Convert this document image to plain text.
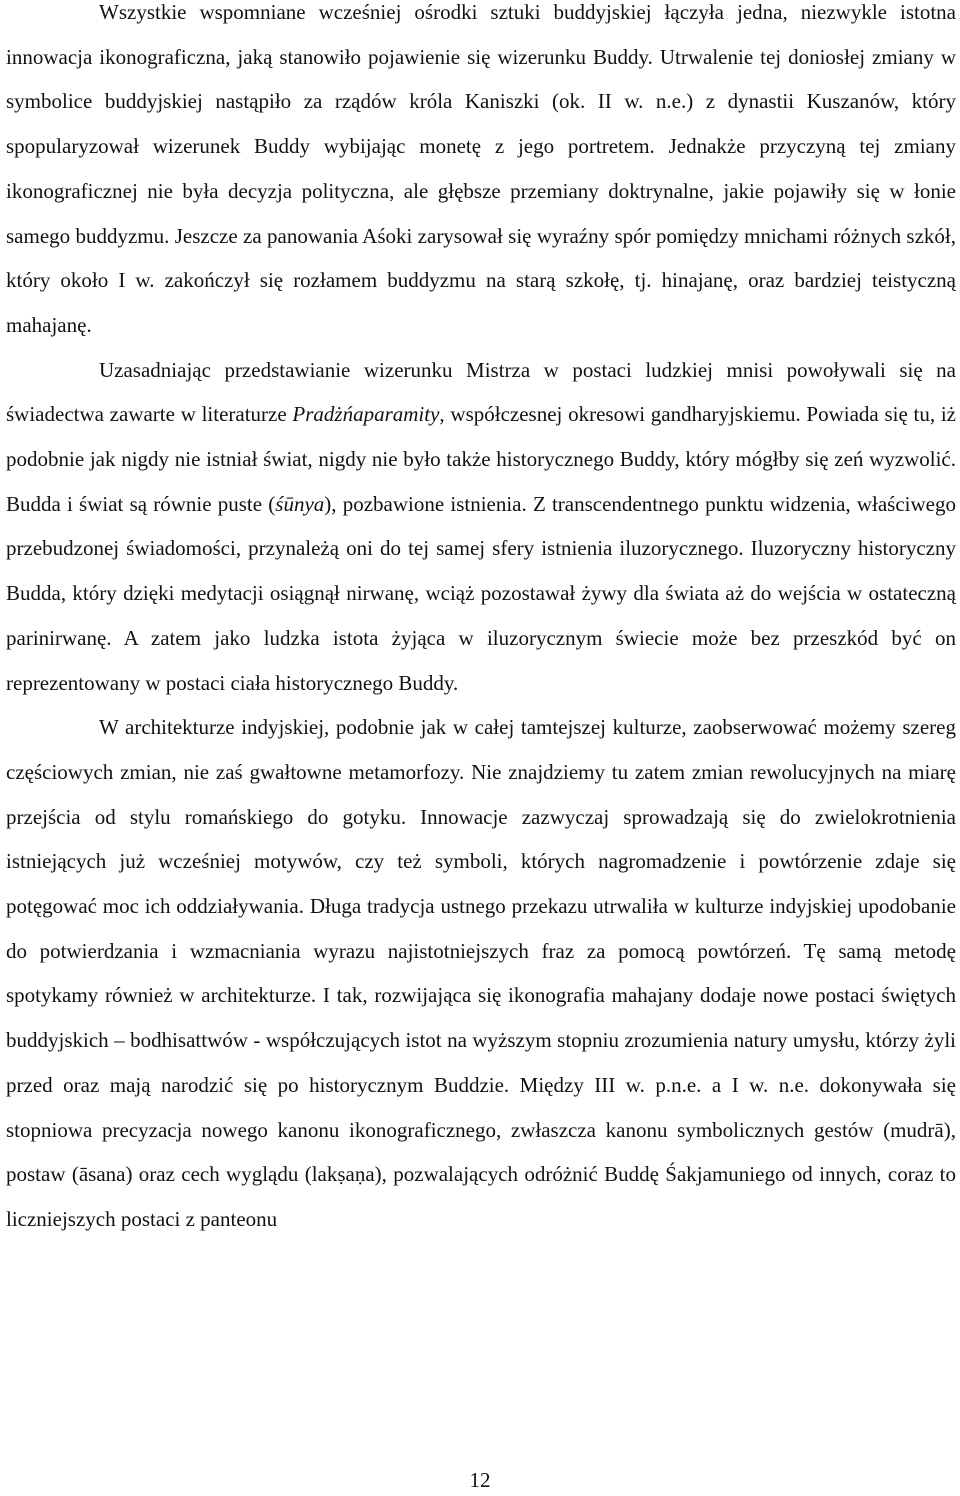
Wszystkie wspomniane wcześniej ośrodki sztuki buddyjskiej łączyła jedna, niezwykle istotna innowacja ikonograficzna, jaką stanowiło pojawienie się wizerunku Buddy. Utrwalenie tej doniosłej zmiany w symbolice buddyjskiej nastąpiło za rządów króla Kaniszki (ok. II w. n.e.) z dynastii Kuszanów, który spopularyzował wizerunek Buddy wybijając monetę z jego portretem. Jednakże przyczyną tej zmiany ikonograficznej nie była decyzja polityczna, ale głębsze przemiany doktrynalne, jakie pojawiły się w łonie samego buddyzmu. Jeszcze za panowania Aśoki zarysował się wyraźny spór pomiędzy mnichami różnych szkół, który około I w. zakończył się rozłamem buddyzmu na starą szkołę, tj. hinajanę, oraz bardziej teistyczną mahajanę.

Uzasadniając przedstawianie wizerunku Mistrza w postaci ludzkiej mnisi powoływali się na świadectwa zawarte w literaturze Pradżńaparamity, współczesnej okresowi gandharyjskiemu. Powiada się tu, iż podobnie jak nigdy nie istniał świat, nigdy nie było także historycznego Buddy, który mógłby się zeń wyzwolić. Budda i świat są równie puste (śūnya), pozbawione istnienia. Z transcendentnego punktu widzenia, właściwego przebudzonej świadomości, przynależą oni do tej samej sfery istnienia iluzorycznego. Iluzoryczny historyczny Budda, który dzięki medytacji osiągnął nirwanę, wciąż pozostawał żywy dla świata aż do wejścia w ostateczną parinirwanę. A zatem jako ludzka istota żyjąca w iluzorycznym świecie może bez przeszkód być on reprezentowany w postaci ciała historycznego Buddy.

W architekturze indyjskiej, podobnie jak w całej tamtejszej kulturze, zaobserwować możemy szereg częściowych zmian, nie zaś gwałtowne metamorfozy. Nie znajdziemy tu zatem zmian rewolucyjnych na miarę przejścia od stylu romańskiego do gotyku. Innowacje zazwyczaj sprowadzają się do zwielokrotnienia istniejących już wcześniej motywów, czy też symboli, których nagromadzenie i powtórzenie zdaje się potęgować moc ich oddziaływania. Długa tradycja ustnego przekazu utrwaliła w kulturze indyjskiej upodobanie do potwierdzania i wzmacniania wyrazu najistotniejszych fraz za pomocą powtórzeń. Tę samą metodę spotykamy również w architekturze. I tak, rozwijająca się ikonografia mahajany dodaje nowe postaci świętych buddyjskich – bodhisattwów - współczujących istot na wyższym stopniu zrozumienia natury umysłu, którzy żyli przed oraz mają narodzić się po historycznym Buddzie. Między III w. p.n.e. a I w. n.e. dokonywała się stopniowa precyzacja nowego kanonu ikonograficznego, zwłaszcza kanonu symbolicznych gestów (mudrā), postaw (āsana) oraz cech wyglądu (lakṣaṇa), pozwalających odróżnić Buddę Śakjamuniego od innych, coraz to liczniejszych postaci z panteonu

12
